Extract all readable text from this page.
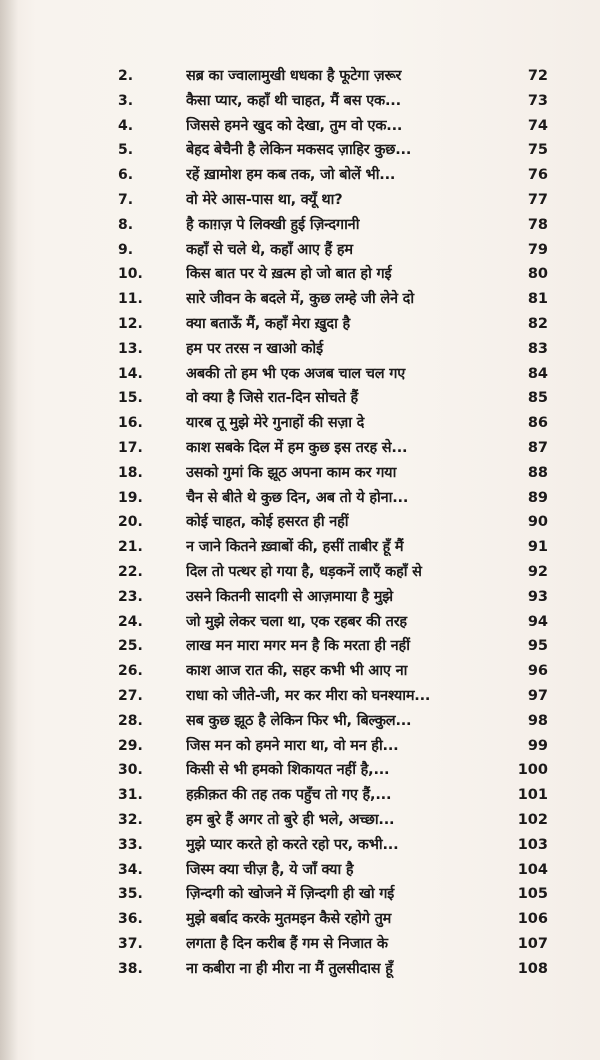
2.	सब्र का ज्वालामुखी धधका है फूटेगा ज़रूर	72
3.	कैसा प्यार, कहाँ थी चाहत, मैं बस एक...	73
4.	जिससे हमने खुद को देखा, तुम वो एक...	74
5.	बेहद बेचैनी है लेकिन मकसद ज़ाहिर कुछ...	75
6.	रहें ख़ामोश हम कब तक, जो बोलें भी...	76
7.	वो मेरे आस-पास था, क्यूँ था?	77
8.	है काग़ज़ पे लिक्खी हुई ज़िन्दगानी	78
9.	कहाँ से चले थे, कहाँ आए हैं हम	79
10.	किस बात पर ये ख़त्म हो जो बात हो गई	80
11.	सारे जीवन के बदले में, कुछ लम्हे जी लेने दो	81
12.	क्या बताऊँ मैं, कहाँ मेरा ख़ुदा है	82
13.	हम पर तरस न खाओ कोई	83
14.	अबकी तो हम भी एक अजब चाल चल गए	84
15.	वो क्या है जिसे रात-दिन सोचते हैं	85
16.	यारब तू मुझे मेरे गुनाहों की सज़ा दे	86
17.	काश सबके दिल में हम कुछ इस तरह से...	87
18.	उसको गुमां कि झूठ अपना काम कर गया	88
19.	चैन से बीते थे कुछ दिन, अब तो ये होना...	89
20.	कोई चाहत, कोई हसरत ही नहीं	90
21.	न जाने कितने ख़्वाबों की, हसीं ताबीर हूँ मैं	91
22.	दिल तो पत्थर हो गया है, धड़कनें लाएँ कहाँ से	92
23.	उसने कितनी सादगी से आज़माया है मुझे	93
24.	जो मुझे लेकर चला था, एक रहबर की तरह	94
25.	लाख मन मारा मगर मन है कि मरता ही नहीं	95
26.	काश आज रात की, सहर कभी भी आए ना	96
27.	राधा को जीते-जी, मर कर मीरा को घनश्याम...	97
28.	सब कुछ झूठ है लेकिन फिर भी, बिल्कुल...	98
29.	जिस मन को हमने मारा था, वो मन ही...	99
30.	किसी से भी हमको शिकायत नहीं है,...	100
31.	हक़ीक़त की तह तक पहुँच तो गए हैं,...	101
32.	हम बुरे हैं अगर तो बुरे ही भले, अच्छा...	102
33.	मुझे प्यार करते हो करते रहो पर, कभी...	103
34.	जिस्म क्या चीज़ है, ये जाँ क्या है	104
35.	ज़िन्दगी को खोजने में ज़िन्दगी ही खो गई	105
36.	मुझे बर्बाद करके मुतमइन कैसे रहोगे तुम	106
37.	लगता है दिन करीब हैं गम से निजात के	107
38.	ना कबीरा ना ही मीरा ना मैं तुलसीदास हूँ	108
